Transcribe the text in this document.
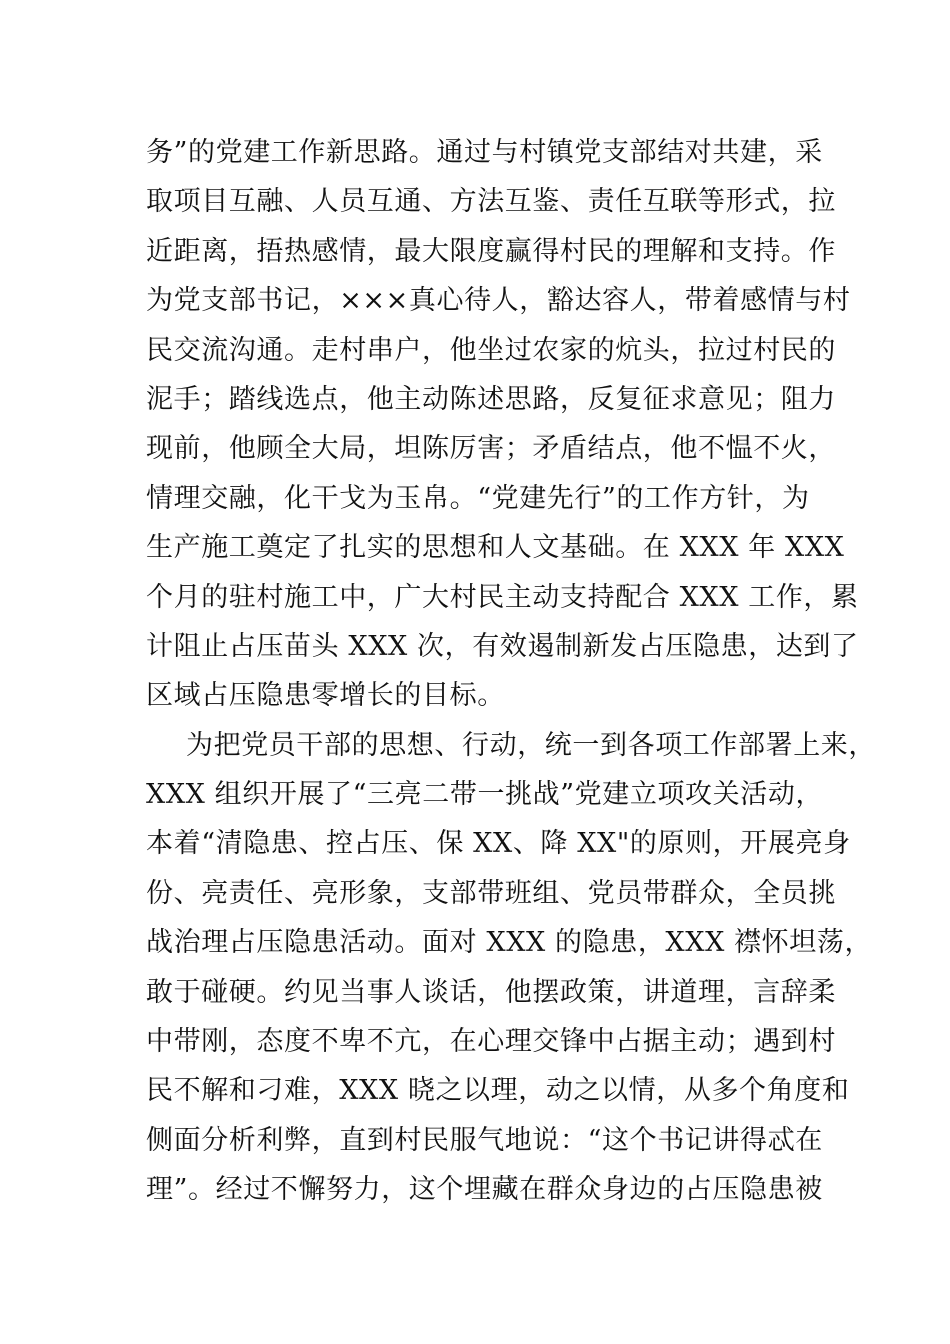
务”的党建工作新思路。通过与村镇党支部结对共建，采
取项目互融、人员互通、方法互鉴、责任互联等形式，拉
近距离，捂热感情，最大限度赢得村民的理解和支持。作
为党支部书记，×××真心待人，豁达容人，带着感情与村
民交流沟通。走村串户，他坐过农家的炕头，拉过村民的
泥手；踏线选点，他主动陈述思路，反复征求意见；阻力
现前，他顾全大局，坦陈厉害；矛盾结点，他不愠不火，
情理交融，化干戈为玉帛。“党建先行”的工作方针，为
生产施工奠定了扎实的思想和人文基础。在 XXX 年 XXX
个月的驻村施工中，广大村民主动支持配合 XXX 工作，累
计阻止占压苗头 XXX 次，有效遏制新发占压隐患，达到了
区域占压隐患零增长的目标。
为把党员干部的思想、行动，统一到各项工作部署上来，
XXX 组织开展了“三亮二带一挑战”党建立项攻关活动，
本着“清隐患、控占压、保 XX、降 XX"的原则，开展亮身
份、亮责任、亮形象，支部带班组、党员带群众，全员挑
战治理占压隐患活动。面对 XXX 的隐患，XXX 襟怀坦荡，
敢于碰硬。约见当事人谈话，他摆政策，讲道理，言辞柔
中带刚，态度不卑不亢，在心理交锋中占据主动；遇到村
民不解和刁难，XXX 晓之以理，动之以情，从多个角度和
侧面分析利弊，直到村民服气地说：“这个书记讲得忒在
理”。经过不懈努力，这个埋藏在群众身边的占压隐患被
